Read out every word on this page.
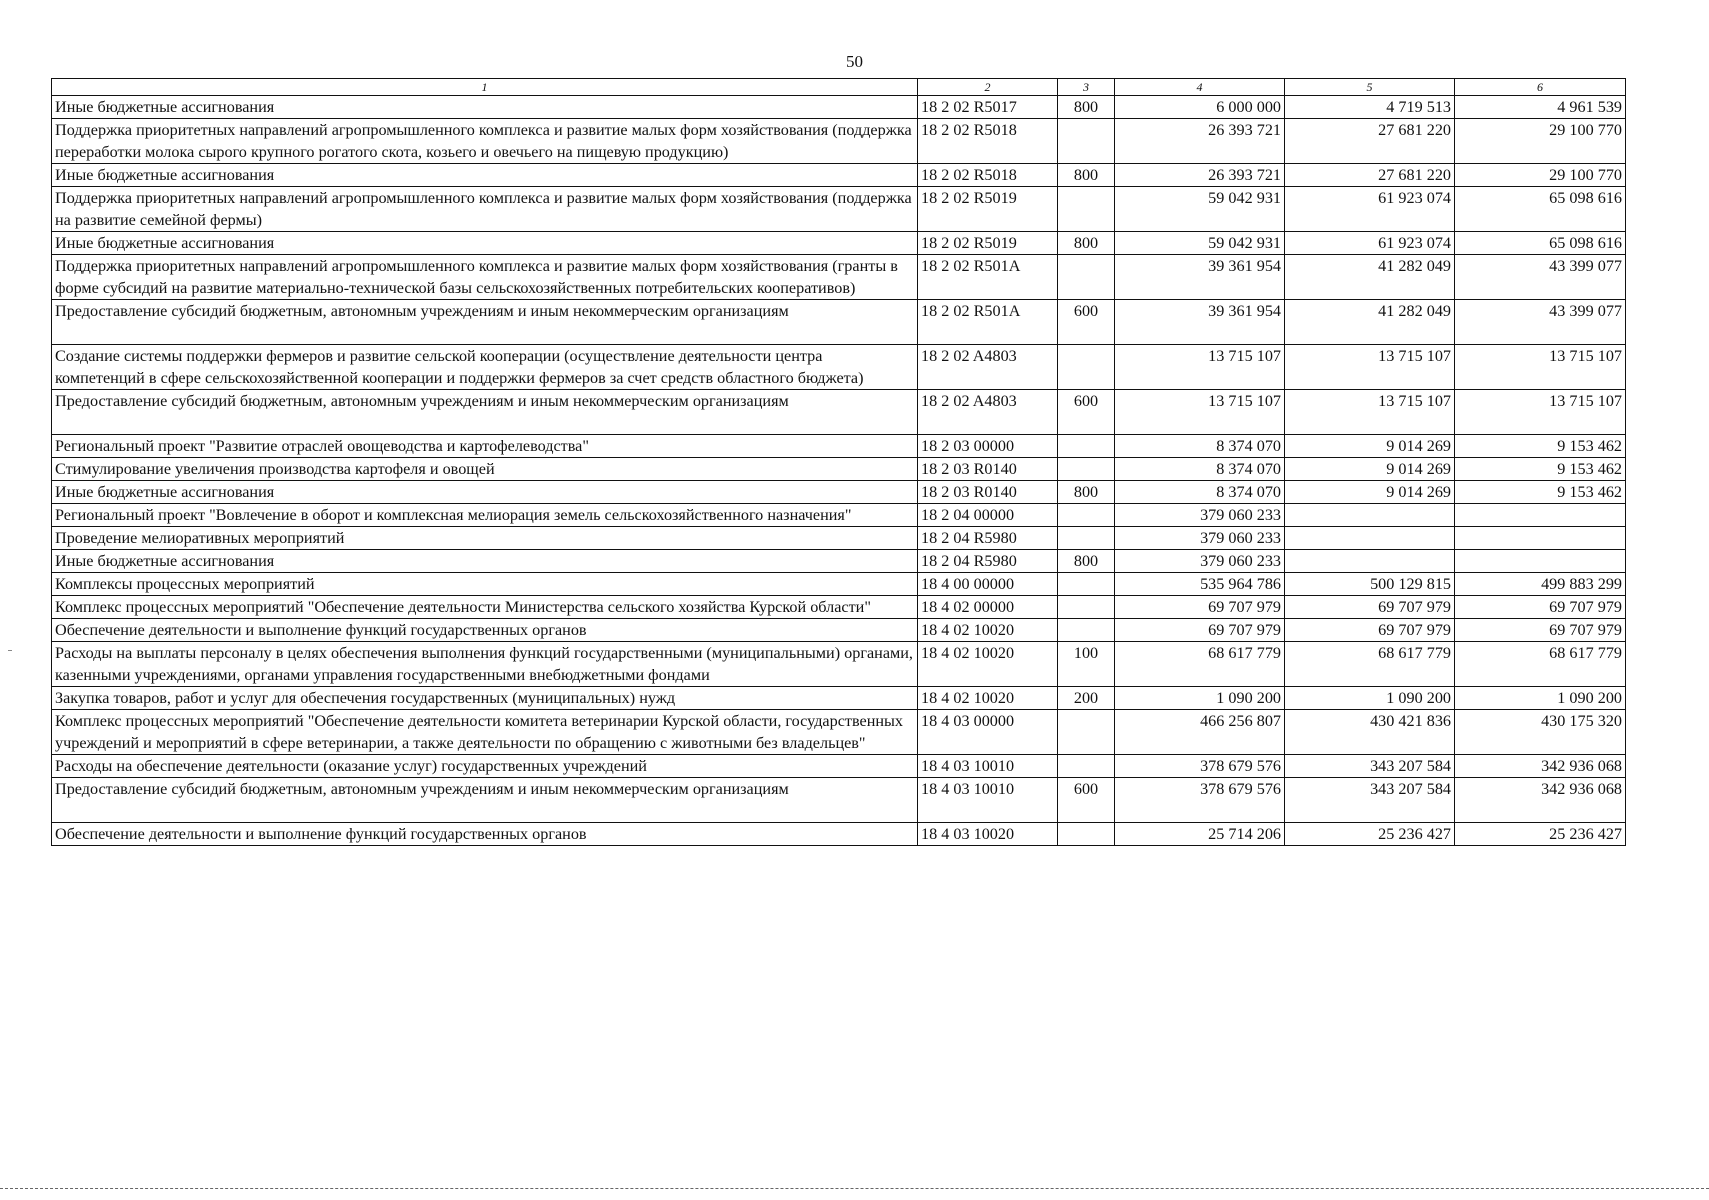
50
1	2	3	4	5	6
Иные бюджетные ассигнования	18 2 02 R5017	800	6 000 000	4 719 513	4 961 539
Поддержка приоритетных направлений агропромышленного комплекса и развитие малых форм хозяйствования (поддержка переработки молока сырого крупного рогатого скота, козьего и овечьего на пищевую продукцию)	18 2 02 R5018		26 393 721	27 681 220	29 100 770
Иные бюджетные ассигнования	18 2 02 R5018	800	26 393 721	27 681 220	29 100 770
Поддержка приоритетных направлений агропромышленного комплекса и развитие малых форм хозяйствования (поддержка на развитие семейной фермы)	18 2 02 R5019		59 042 931	61 923 074	65 098 616
Иные бюджетные ассигнования	18 2 02 R5019	800	59 042 931	61 923 074	65 098 616
Поддержка приоритетных направлений агропромышленного комплекса и развитие малых форм хозяйствования (гранты в форме субсидий на развитие материально-технической базы сельскохозяйственных потребительских кооперативов)	18 2 02 R501A		39 361 954	41 282 049	43 399 077
Предоставление субсидий бюджетным, автономным учреждениям и иным некоммерческим организациям	18 2 02 R501A	600	39 361 954	41 282 049	43 399 077
Создание системы поддержки фермеров и развитие сельской кооперации (осуществление деятельности центра компетенций в сфере сельскохозяйственной кооперации и поддержки фермеров за счет средств областного бюджета)	18 2 02 A4803		13 715 107	13 715 107	13 715 107
Предоставление субсидий бюджетным, автономным учреждениям и иным некоммерческим организациям	18 2 02 A4803	600	13 715 107	13 715 107	13 715 107
Региональный проект "Развитие отраслей овощеводства и картофелеводства"	18 2 03 00000		8 374 070	9 014 269	9 153 462
Стимулирование увеличения производства картофеля и овощей	18 2 03 R0140		8 374 070	9 014 269	9 153 462
Иные бюджетные ассигнования	18 2 03 R0140	800	8 374 070	9 014 269	9 153 462
Региональный проект "Вовлечение в оборот и комплексная мелиорация земель сельскохозяйственного назначения"	18 2 04 00000		379 060 233		
Проведение мелиоративных мероприятий	18 2 04 R5980		379 060 233		
Иные бюджетные ассигнования	18 2 04 R5980	800	379 060 233		
Комплексы процессных мероприятий	18 4 00 00000		535 964 786	500 129 815	499 883 299
Комплекс процессных мероприятий "Обеспечение деятельности Министерства сельского хозяйства Курской области"	18 4 02 00000		69 707 979	69 707 979	69 707 979
Обеспечение деятельности и выполнение функций государственных органов	18 4 02 10020		69 707 979	69 707 979	69 707 979
Расходы на выплаты персоналу в целях обеспечения выполнения функций государственными (муниципальными) органами, казенными учреждениями, органами управления государственными внебюджетными фондами	18 4 02 10020	100	68 617 779	68 617 779	68 617 779
Закупка товаров, работ и услуг для обеспечения государственных (муниципальных) нужд	18 4 02 10020	200	1 090 200	1 090 200	1 090 200
Комплекс процессных мероприятий "Обеспечение деятельности комитета ветеринарии Курской области, государственных учреждений и мероприятий в сфере ветеринарии, а также деятельности по обращению с животными без владельцев"	18 4 03 00000		466 256 807	430 421 836	430 175 320
Расходы на обеспечение деятельности (оказание услуг) государственных учреждений	18 4 03 10010		378 679 576	343 207 584	342 936 068
Предоставление субсидий бюджетным, автономным учреждениям и иным некоммерческим организациям	18 4 03 10010	600	378 679 576	343 207 584	342 936 068
Обеспечение деятельности и выполнение функций государственных органов	18 4 03 10020		25 714 206	25 236 427	25 236 427
